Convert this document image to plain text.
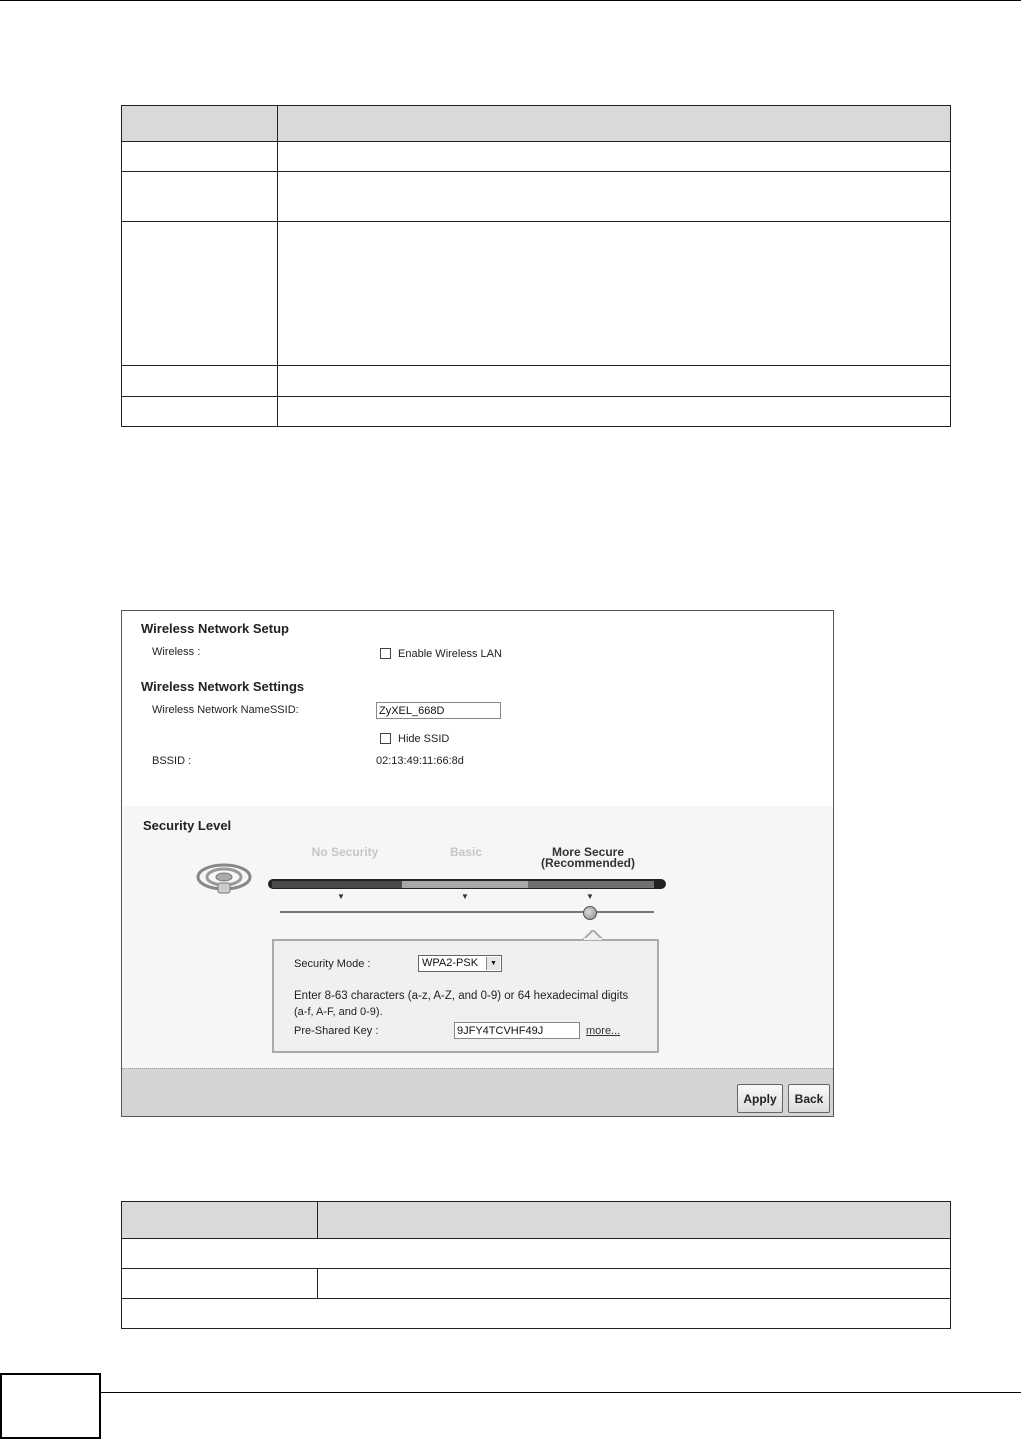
Wireless Network Setup
Wireless :	Enable Wireless LAN
Wireless Network Settings
Wireless Network NameSSID:	ZyXEL_668D
Hide SSID
BSSID :	02:13:49:11:66:8d
Security Level
No Security	Basic	More Secure
(Recommended)
▼	▼	▼
Security Mode :	WPA2-PSK	▼
Enter 8-63 characters (a-z, A-Z, and 0-9) or 64 hexadecimal digits
(a-f, A-F, and 0-9).
Pre-Shared Key :	9JFY4TCVHF49J	more...
Apply	Back
